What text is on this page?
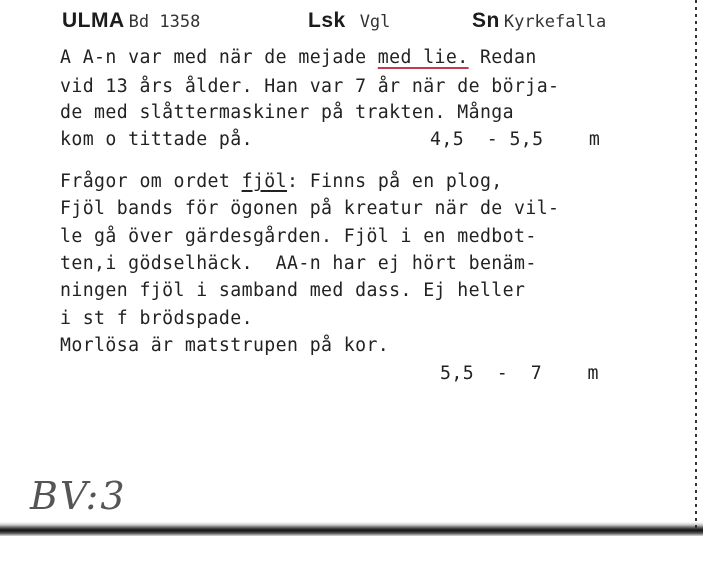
ULMA Bd 1358	Lsk Vgl	Sn Kyrkefalla
A A-n var med när de mejade med lie. Redan
vid 13 års ålder. Han var 7 år när de börja-
de med slåttermaskiner på trakten. Många
kom o tittade på.	4,5  - 5,5    m
Frågor om ordet fjöl: Finns på en plog,
Fjöl bands för ögonen på kreatur när de vil-
le gå över gärdesgården. Fjöl i en medbot-
ten,i gödselhäck.  AA-n har ej hört benäm-
ningen fjöl i samband med dass. Ej heller
i st f brödspade.
Morlösa är matstrupen på kor.
5,5  -  7    m
BV:3
